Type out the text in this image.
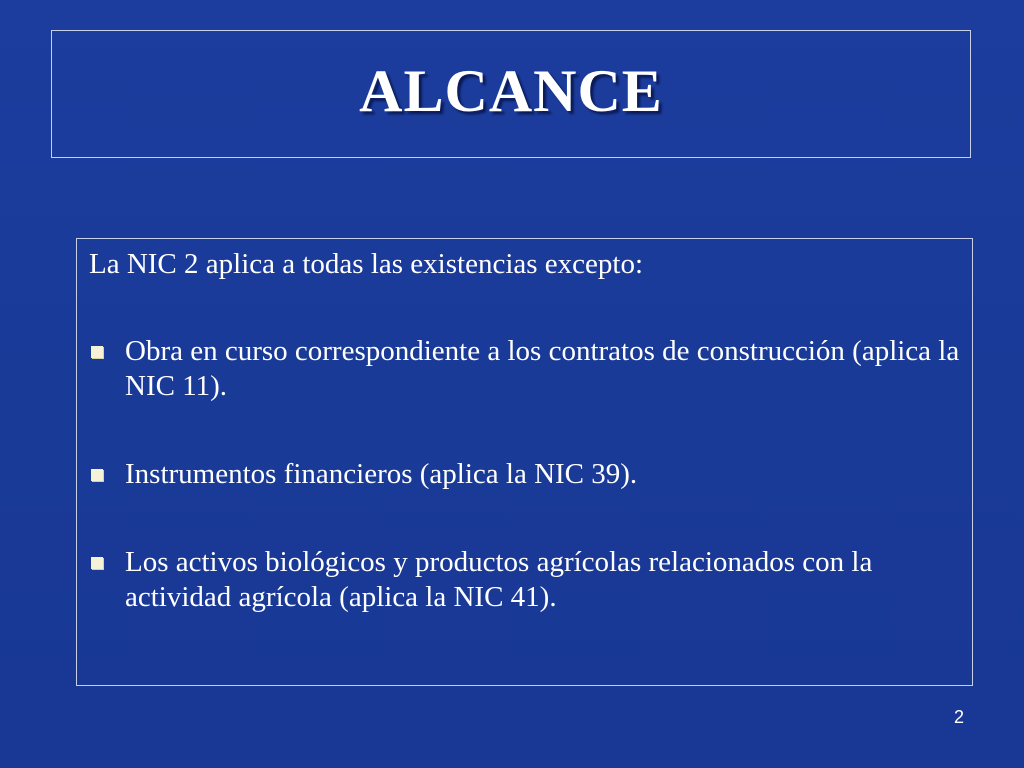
ALCANCE

La NIC 2 aplica a todas las existencias excepto:

Obra en curso correspondiente a los contratos de construcción (aplica la NIC 11).
Instrumentos financieros (aplica la NIC 39).
Los activos biológicos y productos agrícolas relacionados con la actividad agrícola (aplica la NIC 41).
2
